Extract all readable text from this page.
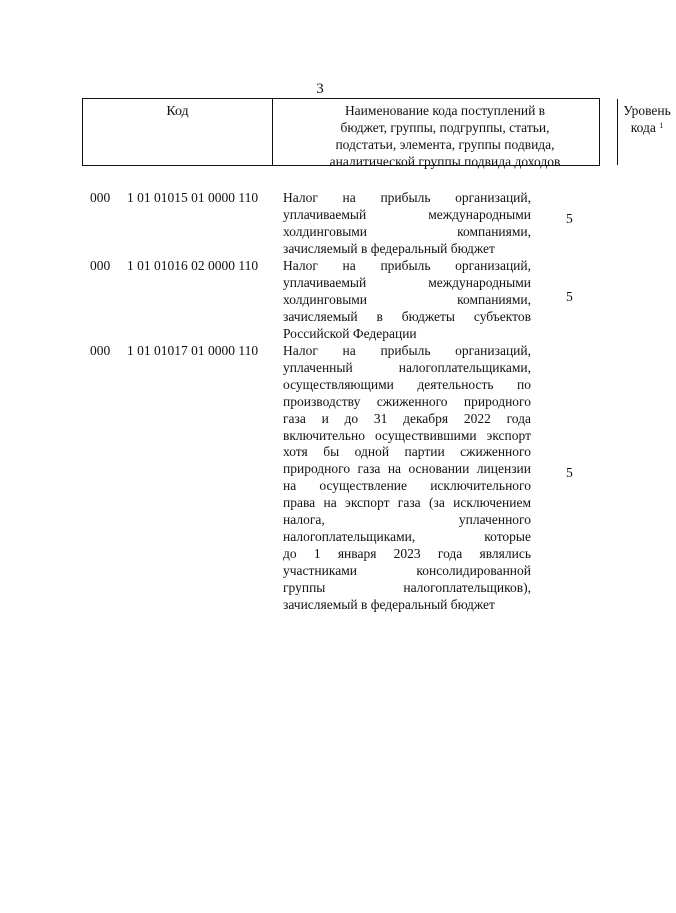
3
Код	Наименование кода поступлений в
бюджет, группы, подгруппы, статьи,
подстатьи, элемента, группы подвида,
аналитической группы подвида доходов
Уровень
кода $^1$
000 1 01 01015 01 0000 110 Налог на прибыль организаций,
уплачиваемый международными
холдинговыми компаниями,
зачисляемый в федеральный бюджет
5
000 1 01 01016 02 0000 110 Налог на прибыль организаций,
уплачиваемый международными
холдинговыми компаниями,
зачисляемый в бюджеты субъектов
Российской Федерации
5
000 1 01 01017 01 0000 110 Налог на прибыль организаций,
уплаченный налогоплательщиками,
осуществляющими деятельность по
производству сжиженного природного
газа и до 31 декабря 2022 года
включительно осуществившими экспорт
хотя бы одной партии сжиженного
природного газа на основании лицензии
на осуществление исключительного
права на экспорт газа (за исключением
налога, уплаченного
налогоплательщиками, которые
до 1 января 2023 года являлись
участниками консолидированной
группы налогоплательщиков),
зачисляемый в федеральный бюджет
5
